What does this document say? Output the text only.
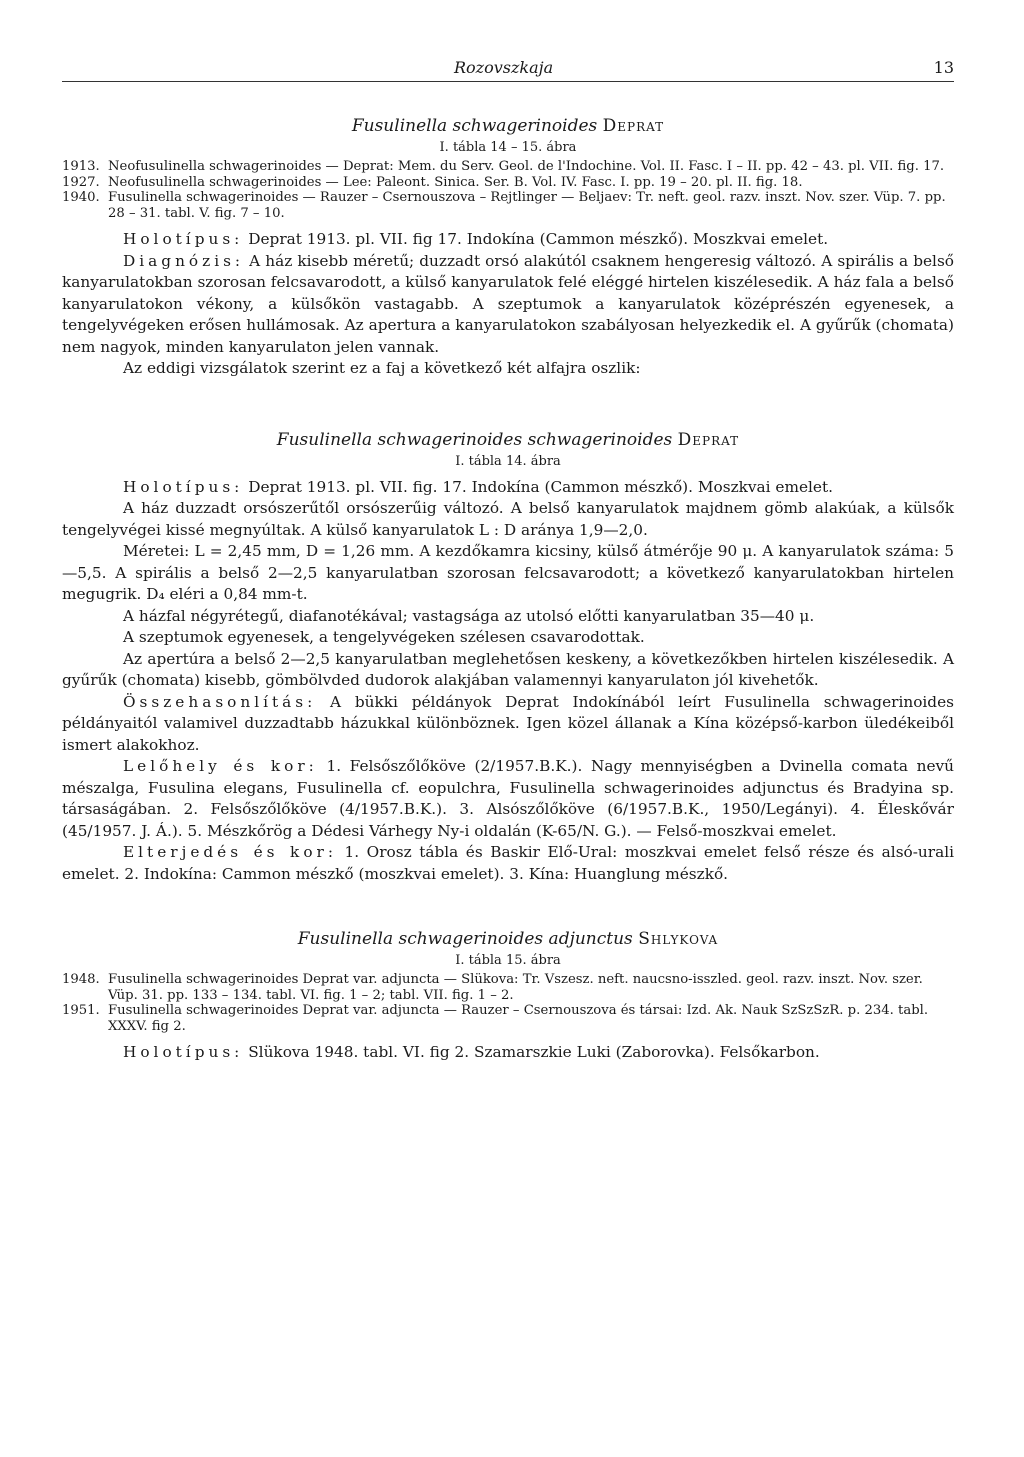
Rozovszkaja	13
Fusulinella schwagerinoides Deprat
I. tábla 14 – 15. ábra
1913. Neofusulinella schwagerinoides — Deprat: Mem. du Serv. Geol. de l'Indochine. Vol. II. Fasc. I – II. pp. 42 – 43. pl. VII. fig. 17.
1927. Neofusulinella schwagerinoides — Lee: Paleont. Sinica. Ser. B. Vol. IV. Fasc. I. pp. 19 – 20. pl. II. fig. 18.
1940. Fusulinella schwagerinoides — Rauzer – Csernouszova – Rejtlinger — Beljaev: Tr. neft. geol. razv. inszt. Nov. szer. Vüp. 7. pp. 28 – 31. tabl. V. fig. 7 – 10.

Holotípus: Deprat 1913. pl. VII. fig 17. Indokína (Cammon mészkő). Moszkvai emelet.

Diagnózis: A ház kisebb méretű; duzzadt orsó alakútól csaknem hengeresig változó. A spirális a belső kanyarulatokban szorosan felcsavarodott, a külső kanyarulatok felé eléggé hirtelen kiszélesedik. A ház fala a belső kanyarulatokon vékony, a külsőkön vastagabb. A szeptumok a kanyarulatok középrészén egyenesek, a tengelyvégeken erősen hullámosak. Az apertura a kanyarulatokon szabályosan helyezkedik el. A gyűrűk (chomata) nem nagyok, minden kanyarulaton jelen vannak.

Az eddigi vizsgálatok szerint ez a faj a következő két alfajra oszlik:

Fusulinella schwagerinoides schwagerinoides Deprat
I. tábla 14. ábra

Holotípus: Deprat 1913. pl. VII. fig. 17. Indokína (Cammon mészkő). Moszkvai emelet.

A ház duzzadt orsószerűtől orsószerűig változó. A belső kanyarulatok majdnem gömb alakúak, a külsők tengelyvégei kissé megnyúltak. A külső kanyarulatok L : D aránya 1,9—2,0.

Méretei: L = 2,45 mm, D = 1,26 mm. A kezdőkamra kicsiny, külső átmérője 90 μ. A kanyarulatok száma: 5—5,5. A spirális a belső 2—2,5 kanyarulatban szorosan felcsavarodott; a következő kanyarulatokban hirtelen megugrik. D₄ eléri a 0,84 mm-t.

A házfal négyrétegű, diafanotékával; vastagsága az utolsó előtti kanyarulatban 35—40 μ.

A szeptumok egyenesek, a tengelyvégeken szélesen csavarodottak.

Az apertúra a belső 2—2,5 kanyarulatban meglehetősen keskeny, a következőkben hirtelen kiszélesedik. A gyűrűk (chomata) kisebb, gömbölvded dudorok alakjában valamennyi kanyarulaton jól kivehetők.

Összehasonlítás: A bükki példányok Deprat Indokínából leírt Fusulinella schwagerinoides példányaitól valamivel duzzadtabb házukkal különböznek. Igen közel állanak a Kína középső-karbon üledékeiből ismert alakokhoz.

Lelőhely és kor: 1. Felsőszőlőköve (2/1957.B.K.). Nagy mennyiségben a Dvinella comata nevű mészalga, Fusulina elegans, Fusulinella cf. eopulchra, Fusulinella schwagerinoides adjunctus és Bradyina sp. társaságában. 2. Felsőszőlőköve (4/1957.B.K.). 3. Alsószőlőköve (6/1957.B.K., 1950/Legányi). 4. Éleskővár (45/1957. J. Á.). 5. Mészkőrög a Dédesi Várhegy Ny-i oldalán (K-65/N. G.). — Felső-moszkvai emelet.

Elterjedés és kor: 1. Orosz tábla és Baskir Elő-Ural: moszkvai emelet felső része és alsó-urali emelet. 2. Indokína: Cammon mészkő (moszkvai emelet). 3. Kína: Huanglung mészkő.

Fusulinella schwagerinoides adjunctus Shlykova
I. tábla 15. ábra
1948. Fusulinella schwagerinoides Deprat var. adjuncta — Slükova: Tr. Vszesz. neft. naucsno-isszled. geol. razv. inszt. Nov. szer. Vüp. 31. pp. 133 – 134. tabl. VI. fig. 1 – 2; tabl. VII. fig. 1 – 2.
1951. Fusulinella schwagerinoides Deprat var. adjuncta — Rauzer – Csernouszova és társai: Izd. Ak. Nauk SzSzSzR. p. 234. tabl. XXXV. fig 2.

Holotípus: Slükova 1948. tabl. VI. fig 2. Szamarszkie Luki (Zaborovka). Felsőkarbon.
